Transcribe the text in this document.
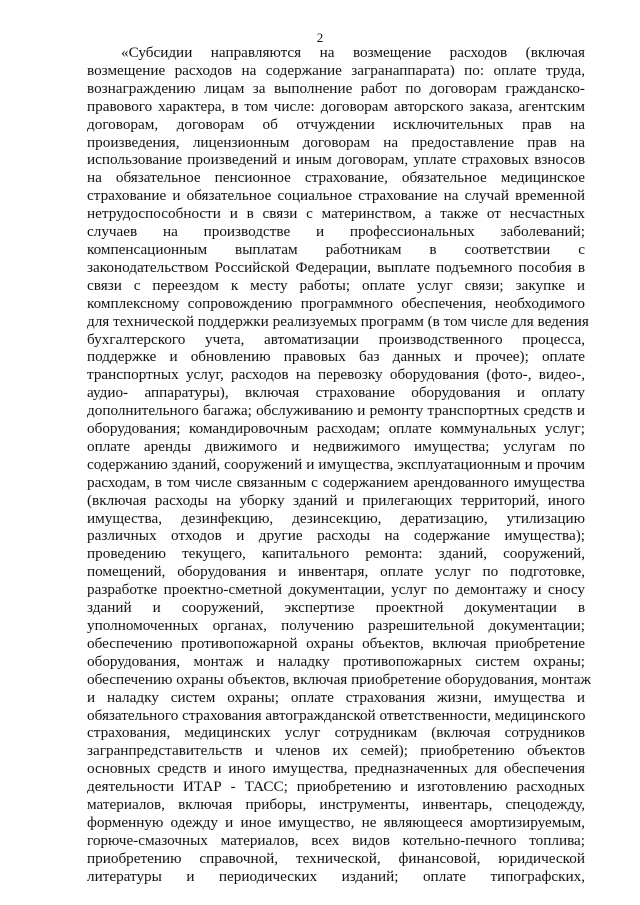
2
«Субсидии направляются на возмещение расходов (включая
возмещение расходов на содержание загранаппарата) по: оплате труда,
вознаграждению лицам за выполнение работ по договорам гражданско-
правового характера, в том числе: договорам авторского заказа, агентским
договорам, договорам об отчуждении исключительных прав на
произведения, лицензионным договорам на предоставление прав на
использование произведений и иным договорам, уплате страховых взносов
на обязательное пенсионное страхование, обязательное медицинское
страхование и обязательное социальное страхование на случай временной
нетрудоспособности и в связи с материнством, а также от несчастных
случаев на производстве и профессиональных заболеваний;
компенсационным выплатам работникам в соответствии с
законодательством Российской Федерации, выплате подъемного пособия в
связи с переездом к месту работы; оплате услуг связи; закупке и
комплексному сопровождению программного обеспечения, необходимого
для технической поддержки реализуемых программ (в том числе для ведения
бухгалтерского учета, автоматизации производственного процесса,
поддержке и обновлению правовых баз данных и прочее); оплате
транспортных услуг, расходов на перевозку оборудования (фото-, видео-,
аудио- аппаратуры), включая страхование оборудования и оплату
дополнительного багажа; обслуживанию и ремонту транспортных средств и
оборудования; командировочным расходам; оплате коммунальных услуг;
оплате аренды движимого и недвижимого имущества; услугам по
содержанию зданий, сооружений и имущества, эксплуатационным и прочим
расходам, в том числе связанным с содержанием арендованного имущества
(включая расходы на уборку зданий и прилегающих территорий, иного
имущества, дезинфекцию, дезинсекцию, дератизацию, утилизацию
различных отходов и другие расходы на содержание имущества);
проведению текущего, капитального ремонта: зданий, сооружений,
помещений, оборудования и инвентаря, оплате услуг по подготовке,
разработке проектно-сметной документации, услуг по демонтажу и сносу
зданий и сооружений, экспертизе проектной документации в
уполномоченных органах, получению разрешительной документации;
обеспечению противопожарной охраны объектов, включая приобретение
оборудования, монтаж и наладку противопожарных систем охраны;
обеспечению охраны объектов, включая приобретение оборудования, монтаж
и наладку систем охраны; оплате страхования жизни, имущества и
обязательного страхования автогражданской ответственности, медицинского
страхования, медицинских услуг сотрудникам (включая сотрудников
загранпредставительств и членов их семей); приобретению объектов
основных средств и иного имущества, предназначенных для обеспечения
деятельности ИТАР - ТАСС; приобретению и изготовлению расходных
материалов, включая приборы, инструменты, инвентарь, спецодежду,
форменную одежду и иное имущество, не являющееся амортизируемым,
горюче-смазочных материалов, всех видов котельно-печного топлива;
приобретению справочной, технической, финансовой, юридической
литературы и периодических изданий; оплате типографских,
